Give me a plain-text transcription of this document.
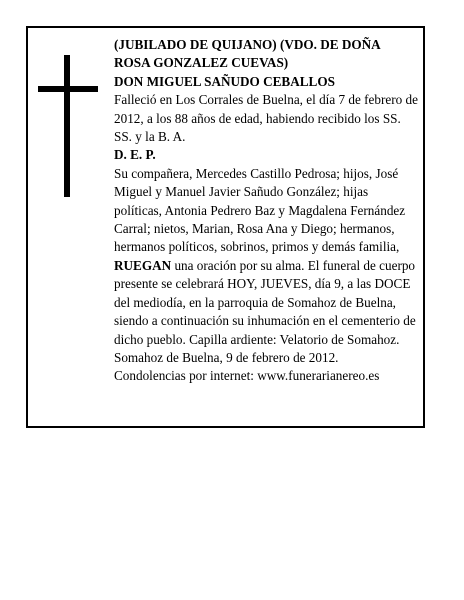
(JUBILADO DE QUIJANO) (VDO. DE DOÑA ROSA GONZALEZ CUEVAS)

DON MIGUEL SAÑUDO CEBALLOS

Falleció en Los Corrales de Buelna, el día 7 de febrero de 2012, a los 88 años de edad, habiendo recibido los SS. SS. y la B. A.

D. E. P.

Su compañera, Mercedes Castillo Pedrosa; hijos, José Miguel y Manuel Javier Sañudo González; hijas políticas, Antonia Pedrero Baz y Magdalena Fernández Carral; nietos, Marian, Rosa Ana y Diego; hermanos, hermanos políticos, sobrinos, primos y demás familia,

RUEGAN una oración por su alma. El funeral de cuerpo presente se celebrará HOY, JUEVES, día 9, a las DOCE del mediodía, en la parroquia de Somahoz de Buelna, siendo a continuación su inhumación en el cementerio de dicho pueblo. Capilla ardiente: Velatorio de Somahoz.

Somahoz de Buelna, 9 de febrero de 2012.

Condolencias por internet: www.funerarianereo.es
